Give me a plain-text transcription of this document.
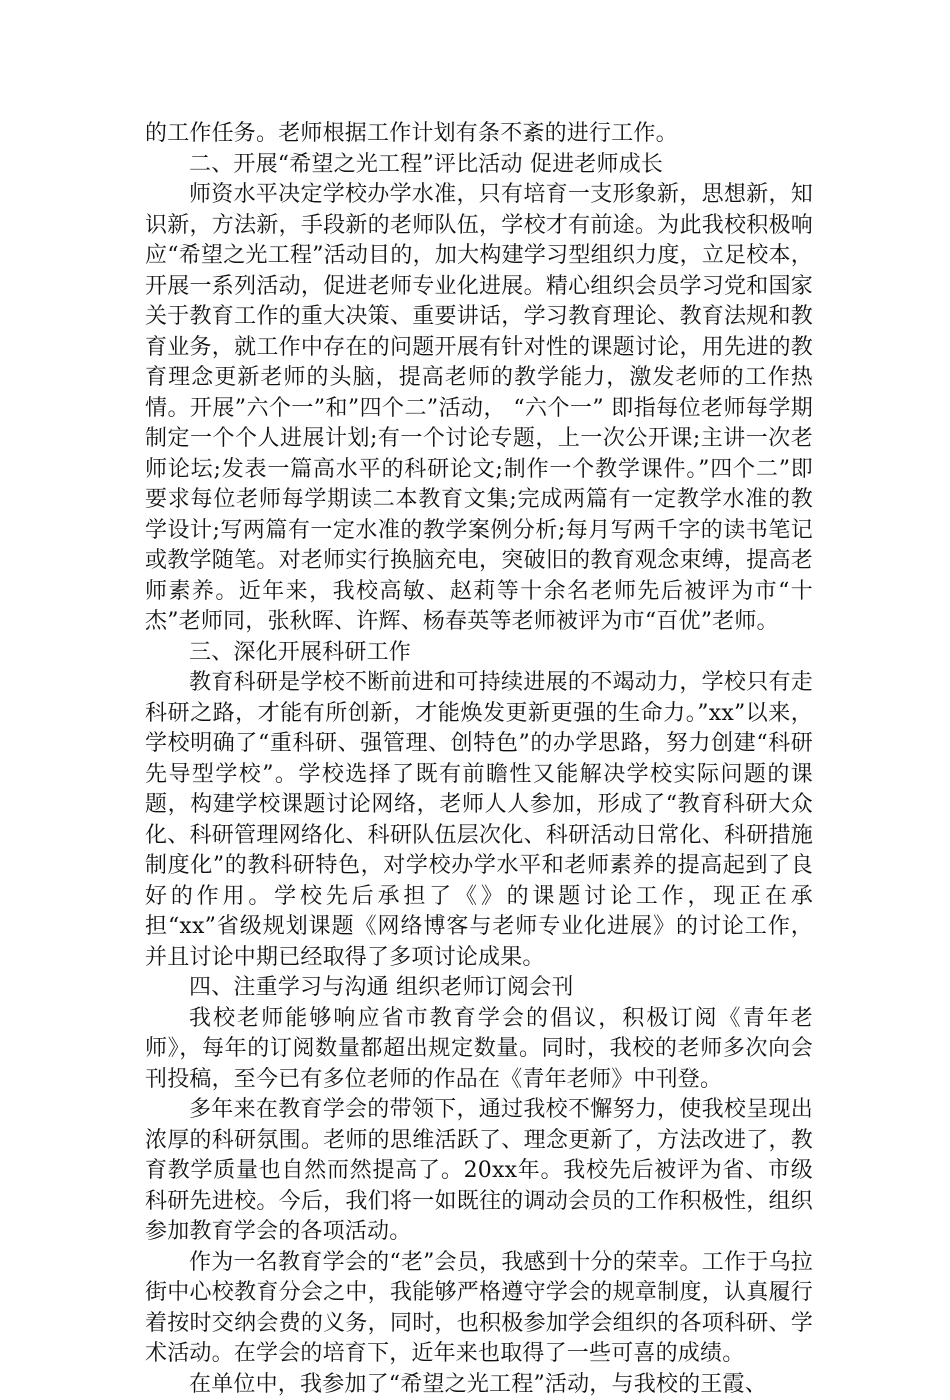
的工作任务。老师根据工作计划有条不紊的进行工作。

二、开展“希望之光工程”评比活动 促进老师成长

师资水平决定学校办学水准，只有培育一支形象新，思想新，知识新，方法新，手段新的老师队伍，学校才有前途。为此我校积极响应“希望之光工程”活动目的，加大构建学习型组织力度，立足校本，开展一系列活动，促进老师专业化进展。精心组织会员学习党和国家关于教育工作的重大决策、重要讲话，学习教育理论、教育法规和教育业务，就工作中存在的问题开展有针对性的课题讨论，用先进的教育理念更新老师的头脑，提高老师的教学能力，激发老师的工作热情。开展”六个一”和”四个二”活动， “六个一” 即指每位老师每学期制定一个个人进展计划;有一个讨论专题，上一次公开课;主讲一次老师论坛;发表一篇高水平的科研论文;制作一个教学课件。”四个二”即要求每位老师每学期读二本教育文集;完成两篇有一定教学水准的教学设计;写两篇有一定水准的教学案例分析;每月写两千字的读书笔记或教学随笔。对老师实行换脑充电，突破旧的教育观念束缚，提高老师素养。近年来，我校高敏、赵莉等十余名老师先后被评为市“十杰”老师同，张秋晖、许辉、杨春英等老师被评为市“百优”老师。

三、深化开展科研工作

教育科研是学校不断前进和可持续进展的不竭动力，学校只有走科研之路，才能有所创新，才能焕发更新更强的生命力。”xx”以来，学校明确了“重科研、强管理、创特色”的办学思路，努力创建“科研先导型学校”。学校选择了既有前瞻性又能解决学校实际问题的课题，构建学校课题讨论网络，老师人人参加，形成了“教育科研大众化、科研管理网络化、科研队伍层次化、科研活动日常化、科研措施制度化”的教科研特色，对学校办学水平和老师素养的提高起到了良好的作用。学校先后承担了《》的课题讨论工作，现正在承担“xx”省级规划课题《网络博客与老师专业化进展》的讨论工作，并且讨论中期已经取得了多项讨论成果。

四、注重学习与沟通 组织老师订阅会刊

我校老师能够响应省市教育学会的倡议，积极订阅《青年老师》，每年的订阅数量都超出规定数量。同时，我校的老师多次向会刊投稿，至今已有多位老师的作品在《青年老师》中刊登。

多年来在教育学会的带领下，通过我校不懈努力，使我校呈现出浓厚的科研氛围。老师的思维活跃了、理念更新了，方法改进了，教育教学质量也自然而然提高了。20xx年。我校先后被评为省、市级科研先进校。今后，我们将一如既往的调动会员的工作积极性，组织参加教育学会的各项活动。

作为一名教育学会的“老”会员，我感到十分的荣幸。工作于乌拉街中心校教育分会之中，我能够严格遵守学会的规章制度，认真履行着按时交纳会费的义务，同时，也积极参加学会组织的各项科研、学术活动。在学会的培育下，近年来也取得了一些可喜的成绩。

在单位中，我参加了“希望之光工程”活动，与我校的王霞、
